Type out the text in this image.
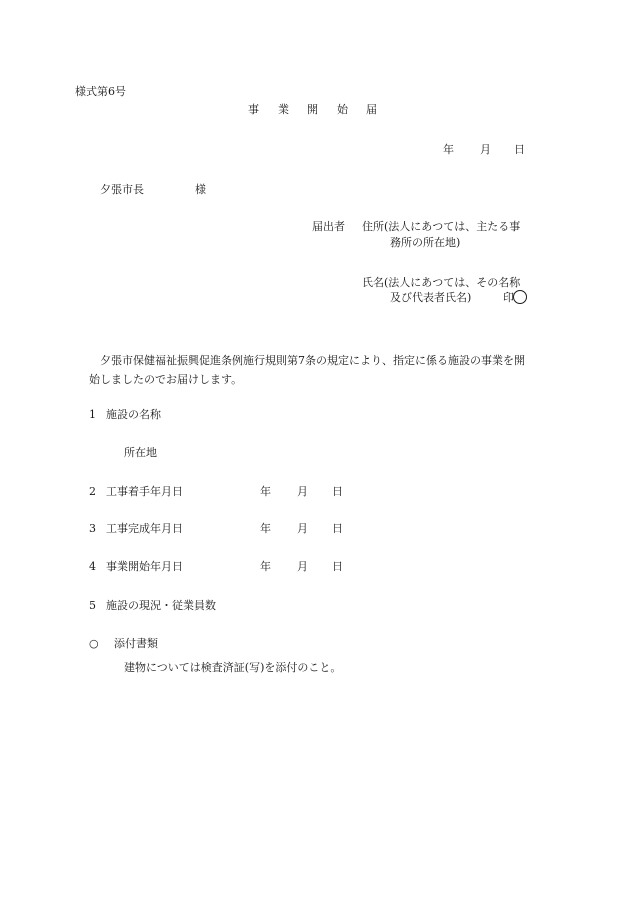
様式第6号
事 業 開 始 届
年 月 日
夕張市長	様
届出者 住所(法人にあつては、主たる事
務所の所在地)
氏名(法人にあつては、その名称
及び代表者氏名)	印
夕張市保健福祉振興促進条例施行規則第7条の規定により、指定に係る施設の事業を開
始しましたのでお届けします。
1 施設の名称
所在地
2 工事着手年月日	年 月 日
3 工事完成年月日	年 月 日
4 事業開始年月日	年 月 日
5 施設の現況・従業員数
○ 添付書類
建物については検査済証(写)を添付のこと。
